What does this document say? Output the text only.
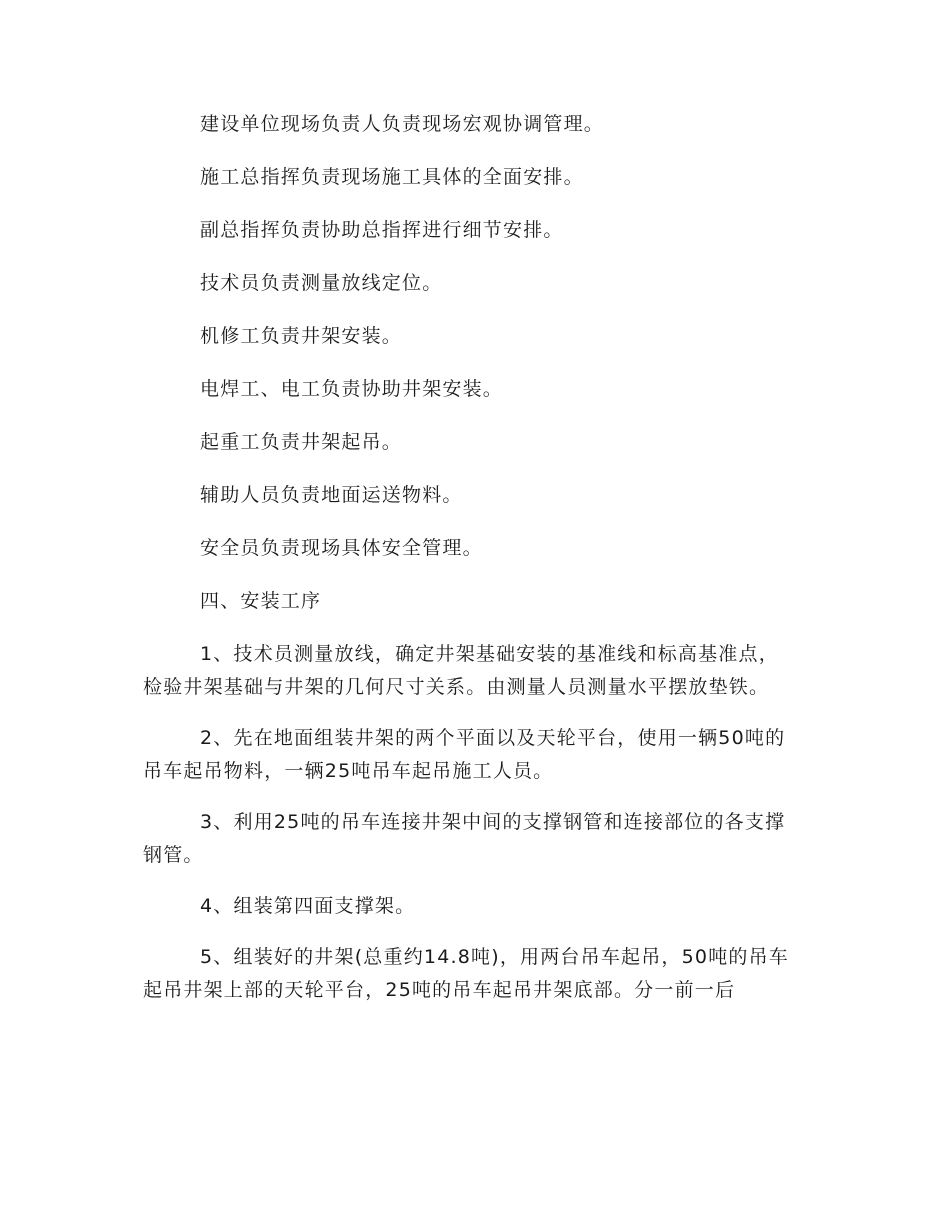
建设单位现场负责人负责现场宏观协调管理。

施工总指挥负责现场施工具体的全面安排。

副总指挥负责协助总指挥进行细节安排。

技术员负责测量放线定位。

机修工负责井架安装。

电焊工、电工负责协助井架安装。

起重工负责井架起吊。

辅助人员负责地面运送物料。

安全员负责现场具体安全管理。

四、安装工序

1、技术员测量放线，确定井架基础安装的基准线和标高基准点，检验井架基础与井架的几何尺寸关系。由测量人员测量水平摆放垫铁。

2、先在地面组装井架的两个平面以及天轮平台，使用一辆50吨的吊车起吊物料，一辆25吨吊车起吊施工人员。

3、利用25吨的吊车连接井架中间的支撑钢管和连接部位的各支撑钢管。

4、组装第四面支撑架。

5、组装好的井架(总重约14.8吨)，用两台吊车起吊，50吨的吊车起吊井架上部的天轮平台，25吨的吊车起吊井架底部。分一前一后
